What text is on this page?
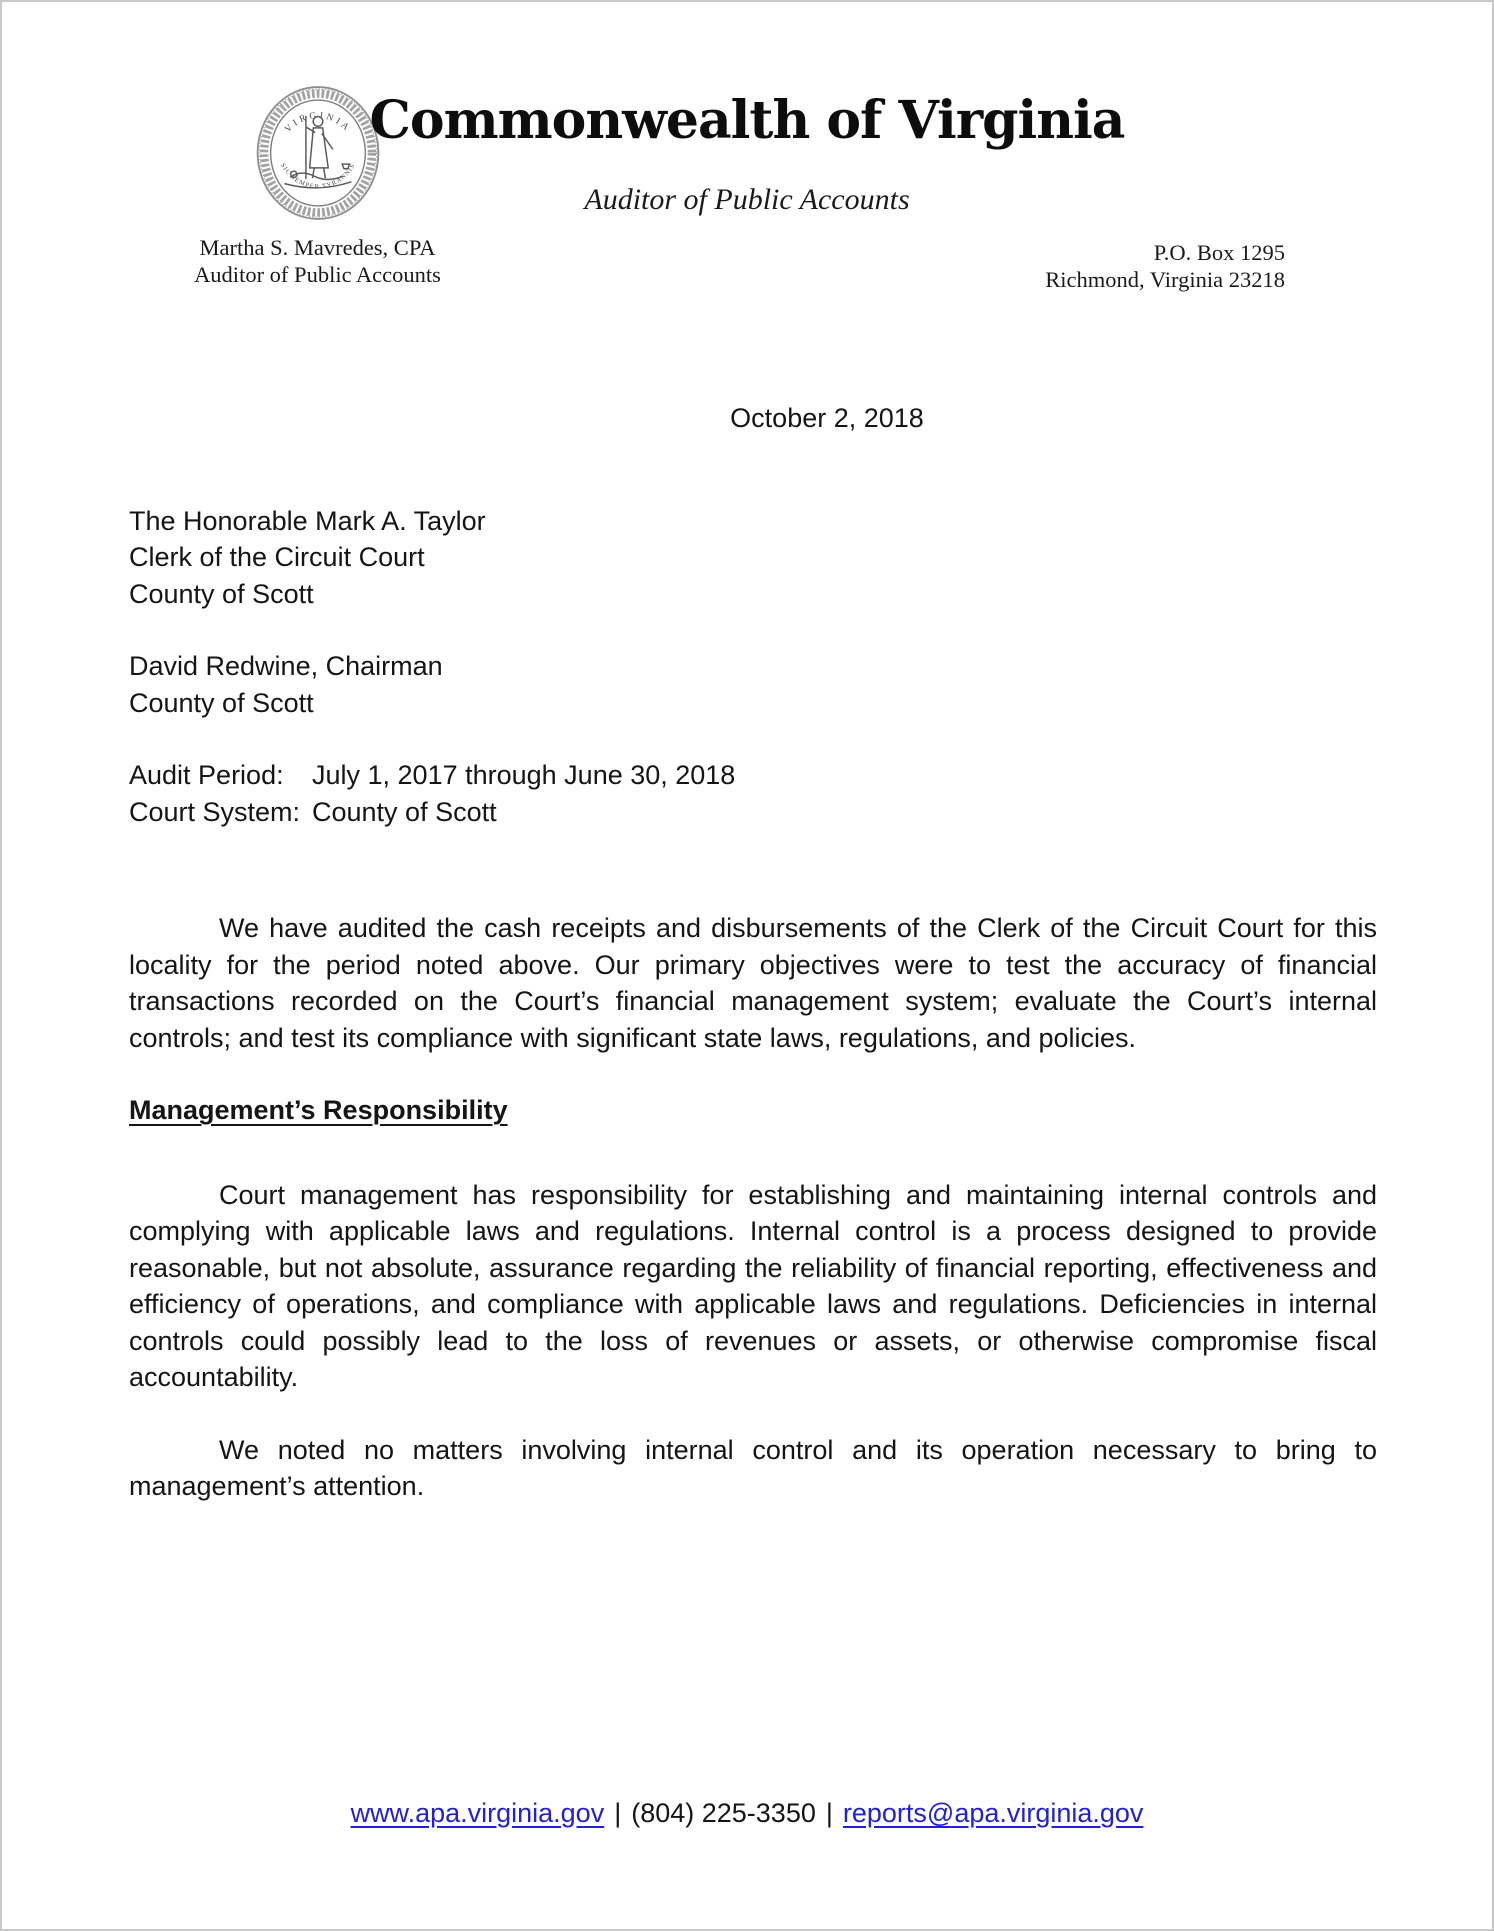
VIRGINIA
SIC SEMPER TYRANNIS
Martha S. Mavredes, CPA
Auditor of Public Accounts
Commonwealth of Virginia
Auditor of Public Accounts
P.O. Box 1295
Richmond, Virginia 23218
October 2, 2018
The Honorable Mark A. Taylor
Clerk of the Circuit Court
County of Scott
David Redwine, Chairman
County of Scott
Audit Period: July 1, 2017 through June 30, 2018
Court System: County of Scott

We have audited the cash receipts and disbursements of the Clerk of the Circuit Court for this locality for the period noted above. Our primary objectives were to test the accuracy of financial transactions recorded on the Court’s financial management system; evaluate the Court’s internal controls; and test its compliance with significant state laws, regulations, and policies.

Management’s Responsibility

Court management has responsibility for establishing and maintaining internal controls and complying with applicable laws and regulations. Internal control is a process designed to provide reasonable, but not absolute, assurance regarding the reliability of financial reporting, effectiveness and efficiency of operations, and compliance with applicable laws and regulations. Deficiencies in internal controls could possibly lead to the loss of revenues or assets, or otherwise compromise fiscal accountability.

We noted no matters involving internal control and its operation necessary to bring to management’s attention.

www.apa.virginia.gov | (804) 225-3350 | reports@apa.virginia.gov
